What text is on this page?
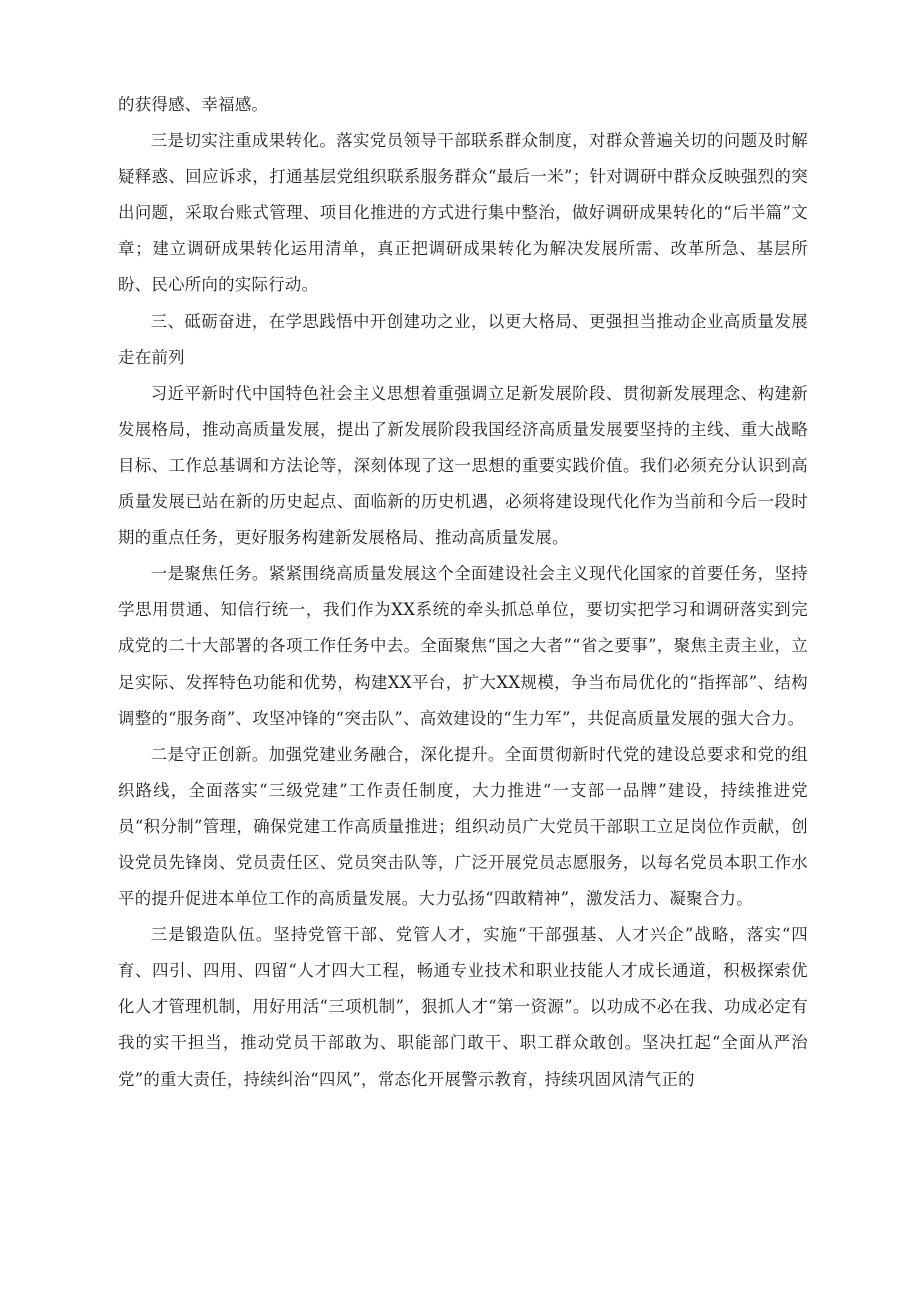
的获得感、幸福感。

三是切实注重成果转化。落实党员领导干部联系群众制度，对群众普遍关切的问题及时解疑释惑、回应诉求，打通基层党组织联系服务群众“最后一米”；针对调研中群众反映强烈的突出问题，采取台账式管理、项目化推进的方式进行集中整治，做好调研成果转化的“后半篇”文章；建立调研成果转化运用清单，真正把调研成果转化为解决发展所需、改革所急、基层所盼、民心所向的实际行动。

三、砥砺奋进，在学思践悟中开创建功之业，以更大格局、更强担当推动企业高质量发展走在前列

习近平新时代中国特色社会主义思想着重强调立足新发展阶段、贯彻新发展理念、构建新发展格局，推动高质量发展，提出了新发展阶段我国经济高质量发展要坚持的主线、重大战略目标、工作总基调和方法论等，深刻体现了这一思想的重要实践价值。我们必须充分认识到高质量发展已站在新的历史起点、面临新的历史机遇，必须将建设现代化作为当前和今后一段时期的重点任务，更好服务构建新发展格局、推动高质量发展。

一是聚焦任务。紧紧围绕高质量发展这个全面建设社会主义现代化国家的首要任务，坚持学思用贯通、知信行统一，我们作为XX系统的牵头抓总单位，要切实把学习和调研落实到完成党的二十大部署的各项工作任务中去。全面聚焦“国之大者”“省之要事”，聚焦主责主业，立足实际、发挥特色功能和优势，构建XX平台，扩大XX规模，争当布局优化的“指挥部”、结构调整的“服务商”、攻坚冲锋的“突击队”、高效建设的“生力军”，共促高质量发展的强大合力。

二是守正创新。加强党建业务融合，深化提升。全面贯彻新时代党的建设总要求和党的组织路线，全面落实“三级党建”工作责任制度，大力推进“一支部一品牌”建设，持续推进党员“积分制”管理，确保党建工作高质量推进；组织动员广大党员干部职工立足岗位作贡献，创设党员先锋岗、党员责任区、党员突击队等，广泛开展党员志愿服务，以每名党员本职工作水平的提升促进本单位工作的高质量发展。大力弘扬“四敢精神”，激发活力、凝聚合力。

三是锻造队伍。坚持党管干部、党管人才，实施“干部强基、人才兴企”战略，落实“四育、四引、四用、四留“人才四大工程，畅通专业技术和职业技能人才成长通道，积极探索优化人才管理机制，用好用活“三项机制”，狠抓人才“第一资源”。以功成不必在我、功成必定有我的实干担当，推动党员干部敢为、职能部门敢干、职工群众敢创。坚决扛起“全面从严治党”的重大责任，持续纠治“四风”，常态化开展警示教育，持续巩固风清气正的
